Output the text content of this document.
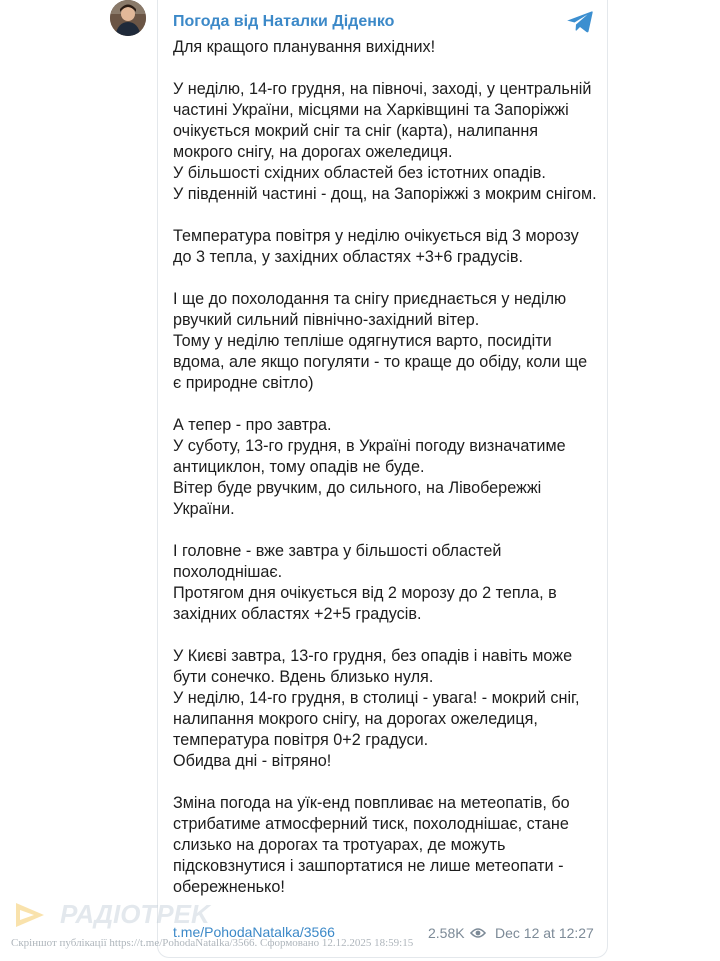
Погода від Наталки Діденко

Для кращого планування вихідних!

У неділю, 14-го грудня, на півночі, заході, у центральній частині України, місцями на Харківщині та Запоріжжі очікується мокрий сніг та сніг (карта), налипання мокрого снігу, на дорогах ожеледиця.

У більшості східних областей без істотних опадів.

У південній частині - дощ, на Запоріжжі з мокрим снігом.

Температура повітря у неділю очікується від 3 морозу до 3 тепла, у західних областях +3+6 градусів.

І ще до похолодання та снігу приєднається у неділю рвучкий сильний північно-західний вітер.

Тому у неділю тепліше одягнутися варто, посидіти вдома, але якщо погуляти - то краще до обіду, коли ще є природне світло)

А тепер - про завтра.

У суботу, 13-го грудня, в Україні погоду визначатиме антициклон, тому опадів не буде.

Вітер буде рвучким, до сильного, на Лівобережжі України.

І головне - вже завтра у більшості областей похолоднішає.

Протягом дня очікується від 2 морозу до 2 тепла, в західних областях +2+5 градусів.

У Києві завтра, 13-го грудня, без опадів і навіть може бути сонечко. Вдень близько нуля.

У неділю, 14-го грудня, в столиці - увага! - мокрий сніг, налипання мокрого снігу, на дорогах ожеледиця, температура повітря 0+2 градуси.

Обидва дні - вітряно!

Зміна погода на уїк-енд повпливає на метеопатів, бо стрибатиме атмосферний тиск, похолоднішає, стане слизько на дорогах та тротуарах, де можуть підсковзнутися і зашпортатися не лише метеопати - обережненько!

t.me/PohodaNatalka/3566	2.58K Dec 12 at 12:27
PAДIOTPEK
Скріншот публікації https://t.me/PohodaNatalka/3566. Сформовано 12.12.2025 18:59:15
